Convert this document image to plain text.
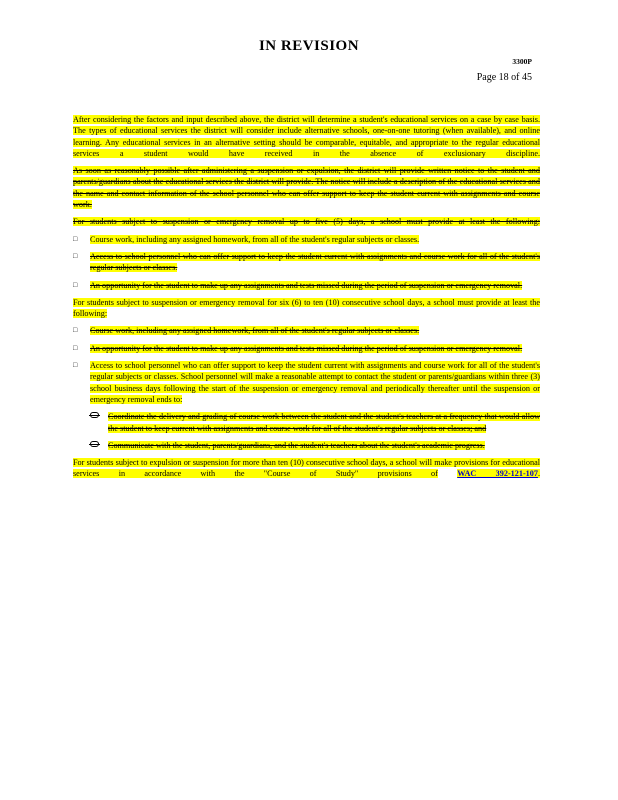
IN REVISION
3300P
Page 18 of 45

After considering the factors and input described above, the district will determine a student's educational services on a case by case basis. The types of educational services the district will consider include alternative schools, one-on-one tutoring (when available), and online learning. Any educational services in an alternative setting should be comparable, equitable, and appropriate to the regular educational services a student would have received in the absence of exclusionary discipline.

As soon as reasonably possible after administering a suspension or expulsion, the district will provide written notice to the student and parents/guardians about the educational services the district will provide. The notice will include a description of the educational services and the name and contact information of the school personnel who can offer support to keep the student current with assignments and course work.

For students subject to suspension or emergency removal up to five (5) days, a school must provide at least the following:

□ Course work, including any assigned homework, from all of the student's regular subjects or classes.
□ Access to school personnel who can offer support to keep the student current with assignments and course work for all of the student's regular subjects or classes.
□ An opportunity for the student to make up any assignments and tests missed during the period of suspension or emergency removal.

For students subject to suspension or emergency removal for six (6) to ten (10) consecutive school days, a school must provide at least the following:

□ Course work, including any assigned homework, from all of the student's regular subjects or classes.
□ An opportunity for the student to make up any assignments and tests missed during the period of suspension or emergency removal.
□ Access to school personnel who can offer support to keep the student current with assignments and course work for all of the student's regular subjects or classes. School personnel will make a reasonable attempt to contact the student or parents/guardians within three (3) school business days following the start of the suspension or emergency removal and periodically thereafter until the suspension or emergency removal ends to:
Coordinate the delivery and grading of course work between the student and the student's teachers at a frequency that would allow the student to keep current with assignments and course work for all of the student's regular subjects or classes; and
Communicate with the student, parents/guardians, and the student's teachers about the student's academic progress.

For students subject to expulsion or suspension for more than ten (10) consecutive school days, a school will make provisions for educational services in accordance with the "Course of Study" provisions of WAC 392-121-107.
